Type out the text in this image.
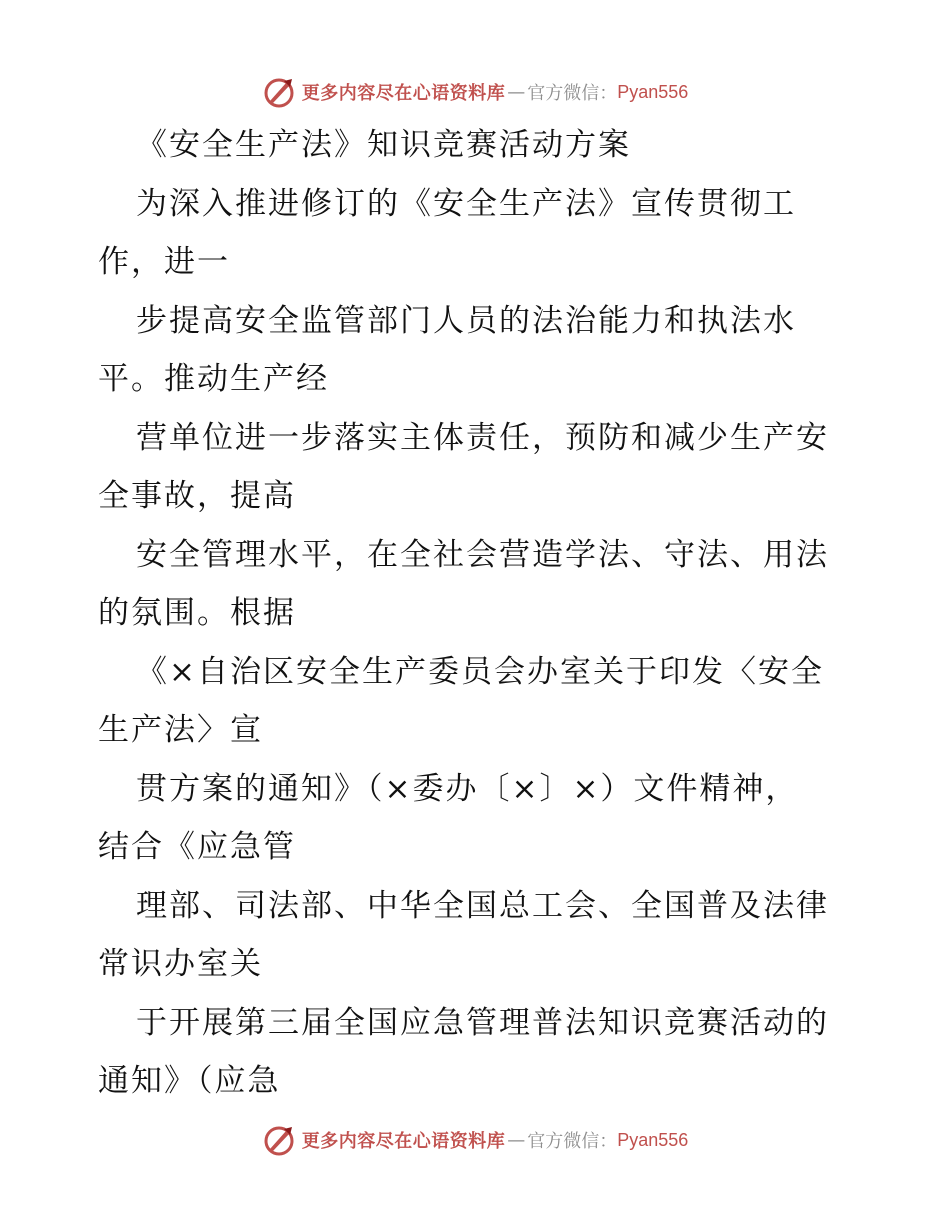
更多内容尽在心语资料库 — 官方微信： Pyan556
《安全生产法》知识竞赛活动方案
为深入推进修订的《安全生产法》宣传贯彻工
作，进一
步提高安全监管部门人员的法治能力和执法水
平。推动生产经
营单位进一步落实主体责任，预防和减少生产安
全事故，提高
安全管理水平，在全社会营造学法、守法、用法
的氛围。根据
《×自治区安全生产委员会办室关于印发〈安全
生产法〉宣
贯方案的通知》（×委办〔×〕×）文件精神，
结合《应急管
理部、司法部、中华全国总工会、全国普及法律
常识办室关
于开展第三届全国应急管理普法知识竞赛活动的
通知》（应急
更多内容尽在心语资料库 — 官方微信： Pyan556
